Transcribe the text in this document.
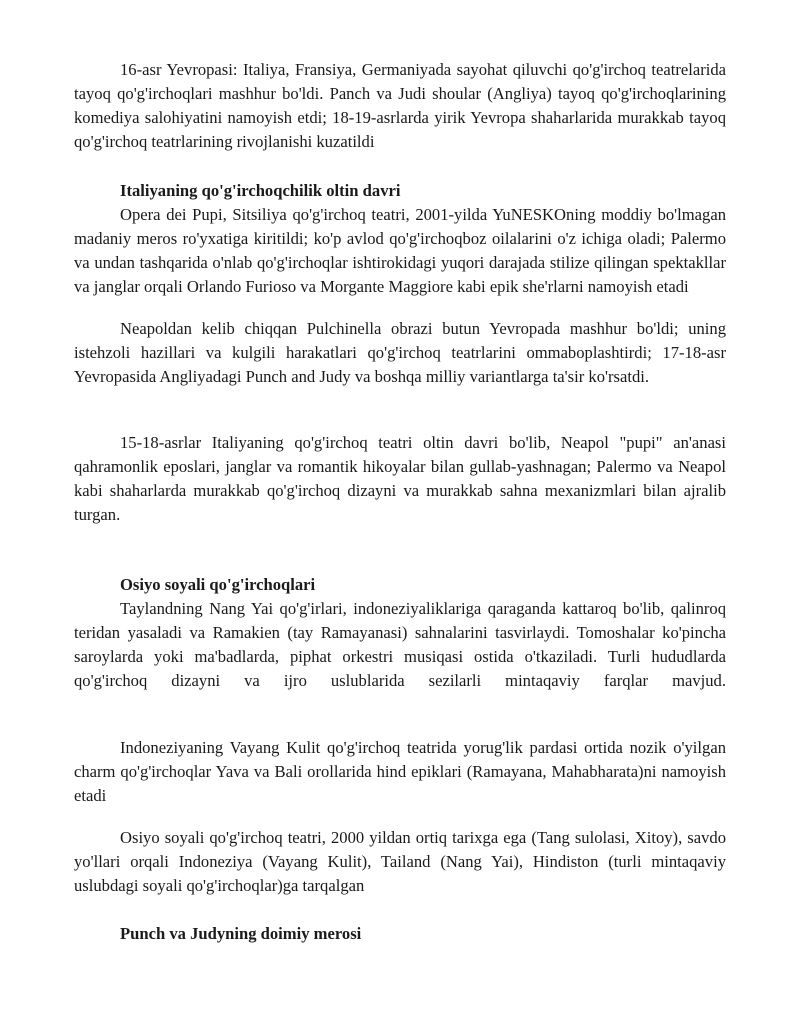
16-asr Yevropasi: Italiya, Fransiya, Germaniyada sayohat qiluvchi qo'g'irchoq teatrelarida tayoq qo'g'irchoqlari mashhur bo'ldi. Panch va Judi shoular (Angliya) tayoq qo'g'irchoqlarining komediya salohiyatini namoyish etdi; 18-19-asrlarda yirik Yevropa shaharlarida murakkab tayoq qo'g'irchoq teatrlarining rivojlanishi kuzatildi

Italiyaning qo'g'irchoqchilik oltin davri

Opera dei Pupi, Sitsiliya qo'g'irchoq teatri, 2001-yilda YuNESKOning moddiy bo'lmagan madaniy meros ro'yxatiga kiritildi; ko'p avlod qo'g'irchoqboz oilalarini o'z ichiga oladi; Palermo va undan tashqarida o'nlab qo'g'irchoqlar ishtirokidagi yuqori darajada stilize qilingan spektakllar va janglar orqali Orlando Furioso va Morgante Maggiore kabi epik she'rlarni namoyish etadi

Neapoldan kelib chiqqan Pulchinella obrazi butun Yevropada mashhur bo'ldi; uning istehzoli hazillari va kulgili harakatlari qo'g'irchoq teatrlarini ommaboplashtirdi; 17-18-asr Yevropasida Angliyadagi Punch and Judy va boshqa milliy variantlarga ta'sir ko'rsatdi.

15-18-asrlar Italiyaning qo'g'irchoq teatri oltin davri bo'lib, Neapol "pupi" an'anasi qahramonlik eposlari, janglar va romantik hikoyalar bilan gullab-yashnagan; Palermo va Neapol kabi shaharlarda murakkab qo'g'irchoq dizayni va murakkab sahna mexanizmlari bilan ajralib turgan.

Osiyo soyali qo'g'irchoqlari

Taylandning Nang Yai qo'g'irlari, indoneziyaliklariga qaraganda kattaroq bo'lib, qalinroq teridan yasaladi va Ramakien (tay Ramayanasi) sahnalarini tasvirlaydi. Tomoshalar ko'pincha saroylarda yoki ma'badlarda, piphat orkestri musiqasi ostida o'tkaziladi. Turli hududlarda qo'g'irchoq dizayni va ijro uslublarida sezilarli mintaqaviy farqlar mavjud.

Indoneziyaning Vayang Kulit qo'g'irchoq teatrida yorug'lik pardasi ortida nozik o'yilgan charm qo'g'irchoqlar Yava va Bali orollarida hind epiklari (Ramayana, Mahabharata)ni namoyish etadi

Osiyo soyali qo'g'irchoq teatri, 2000 yildan ortiq tarixga ega (Tang sulolasi, Xitoy), savdo yo'llari orqali Indoneziya (Vayang Kulit), Tailand (Nang Yai), Hindiston (turli mintaqaviy uslubdagi soyali qo'g'irchoqlar)ga tarqalgan

Punch va Judyning doimiy merosi
